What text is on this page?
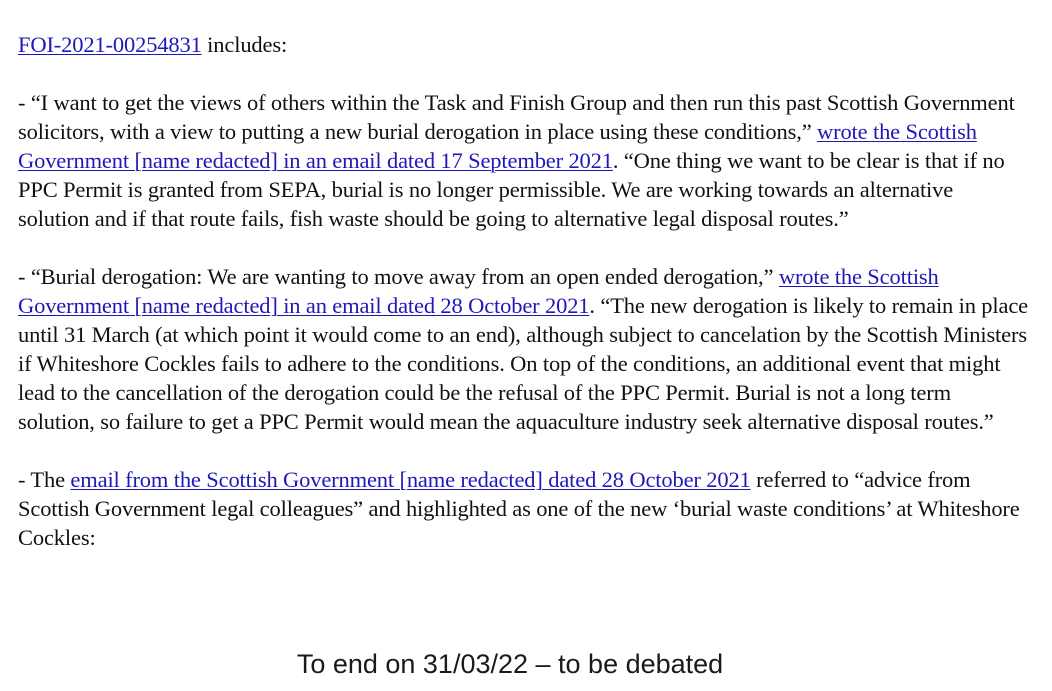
FOI-2021-00254831 includes:

- “I want to get the views of others within the Task and Finish Group and then run this past Scottish Government solicitors, with a view to putting a new burial derogation in place using these conditions,” wrote the Scottish Government [name redacted] in an email dated 17 September 2021. “One thing we want to be clear is that if no PPC Permit is granted from SEPA, burial is no longer permissible. We are working towards an alternative solution and if that route fails, fish waste should be going to alternative legal disposal routes.”

- “Burial derogation: We are wanting to move away from an open ended derogation,” wrote the Scottish Government [name redacted] in an email dated 28 October 2021. “The new derogation is likely to remain in place until 31 March (at which point it would come to an end), although subject to cancelation by the Scottish Ministers if Whiteshore Cockles fails to adhere to the conditions. On top of the conditions, an additional event that might lead to the cancellation of the derogation could be the refusal of the PPC Permit. Burial is not a long term solution, so failure to get a PPC Permit would mean the aquaculture industry seek alternative disposal routes.”

- The email from the Scottish Government [name redacted] dated 28 October 2021 referred to “advice from Scottish Government legal colleagues” and highlighted as one of the new ‘burial waste conditions’ at Whiteshore Cockles:

To end on 31/03/22 – to be debated
